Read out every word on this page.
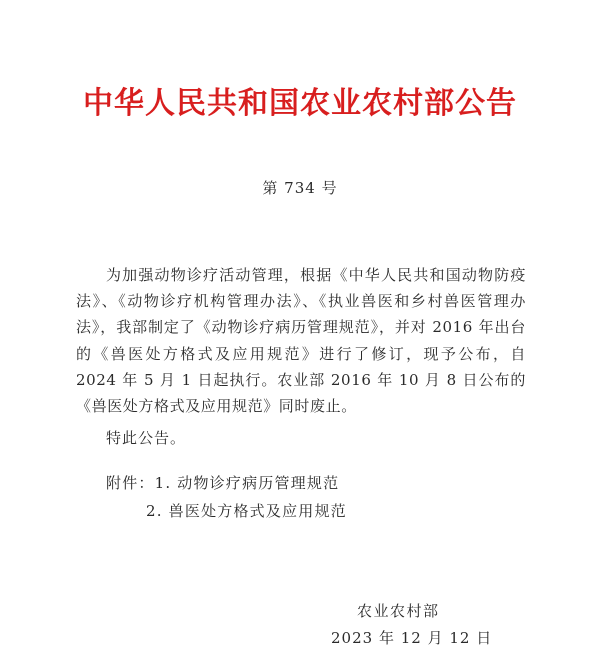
中华人民共和国农业农村部公告
第 734 号

为加强动物诊疗活动管理，根据《中华人民共和国动物防疫法》、《动物诊疗机构管理办法》、《执业兽医和乡村兽医管理办法》，我部制定了《动物诊疗病历管理规范》，并对 2016 年出台的《兽医处方格式及应用规范》进行了修订，现予公布，自 2024 年 5 月 1 日起执行。农业部 2016 年 10 月 8 日公布的《兽医处方格式及应用规范》同时废止。

特此公告。
附件：1. 动物诊疗病历管理规范
2. 兽医处方格式及应用规范
农业农村部
2023 年 12 月 12 日
